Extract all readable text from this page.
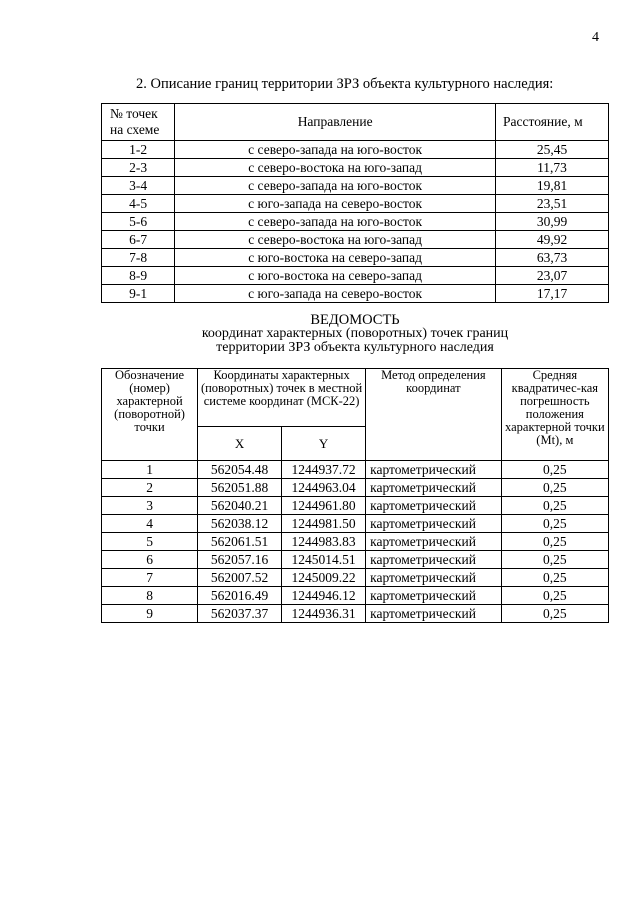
4
2. Описание границ территории ЗРЗ объекта культурного наследия:
№ точек на схеме	Направление	Расстояние, м
1-2	с северо-запада на юго-восток	25,45
2-3	с северо-востока на юго-запад	11,73
3-4	с северо-запада на юго-восток	19,81
4-5	с юго-запада на северо-восток	23,51
5-6	с северо-запада на юго-восток	30,99
6-7	с северо-востока на юго-запад	49,92
7-8	с юго-востока на северо-запад	63,73
8-9	с юго-востока на северо-запад	23,07
9-1	с юго-запада на северо-восток	17,17
ВЕДОМОСТЬ
координат характерных (поворотных) точек границ
территории ЗРЗ объекта культурного наследия
Обозначение (номер) характерной (поворотной) точки	Координаты характерных (поворотных) точек в местной системе координат (МСК-22)		Метод определения координат	Средняя квадратичес-кая погрешность положения характерной точки (Mt), м
	X	Y		
1	562054.48	1244937.72	картометрический	0,25
2	562051.88	1244963.04	картометрический	0,25
3	562040.21	1244961.80	картометрический	0,25
4	562038.12	1244981.50	картометрический	0,25
5	562061.51	1244983.83	картометрический	0,25
6	562057.16	1245014.51	картометрический	0,25
7	562007.52	1245009.22	картометрический	0,25
8	562016.49	1244946.12	картометрический	0,25
9	562037.37	1244936.31	картометрический	0,25
